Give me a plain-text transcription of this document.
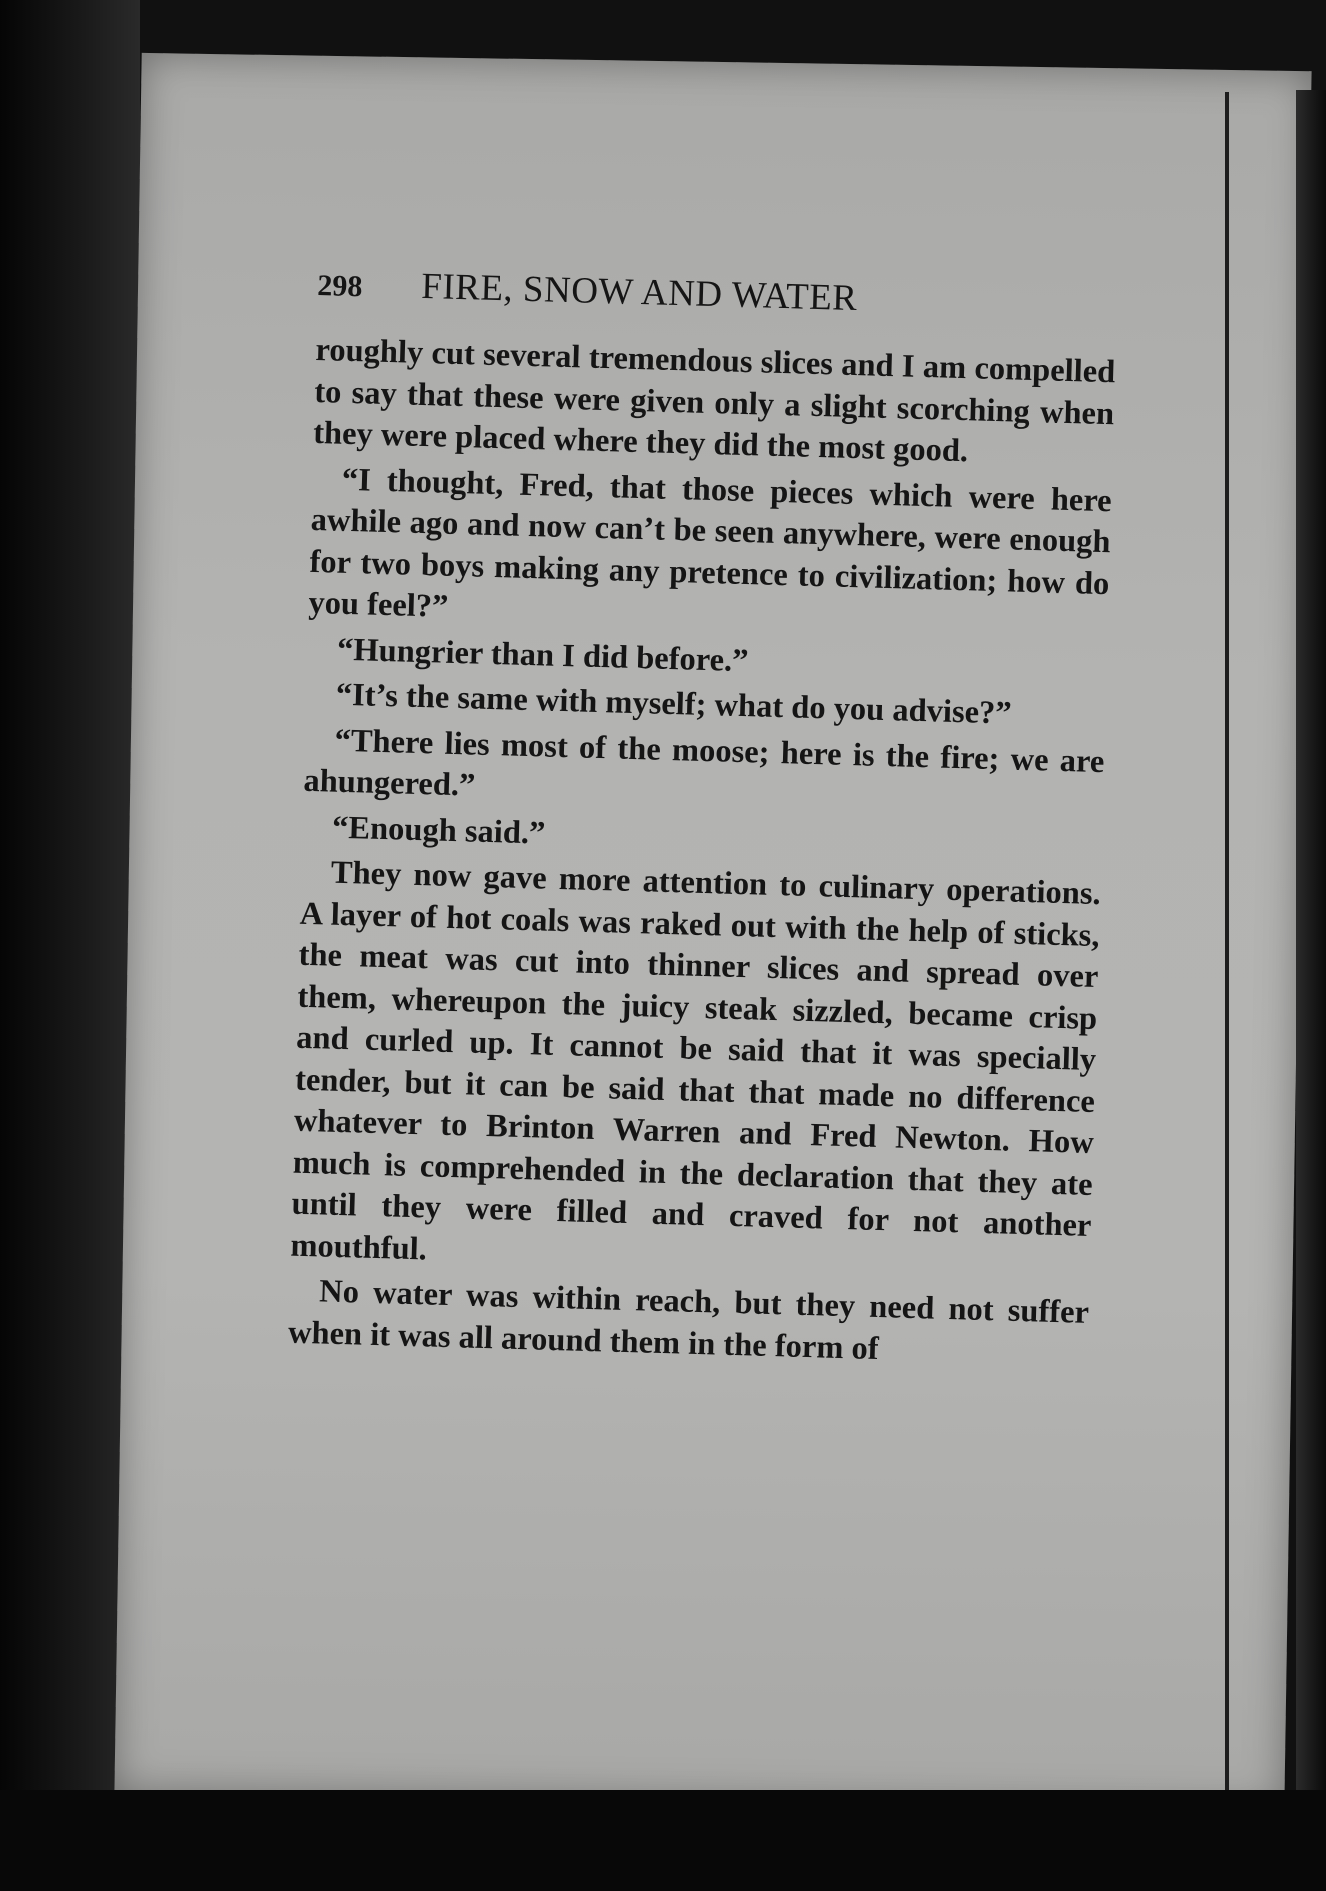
298	FIRE, SNOW AND WATER

roughly cut several tremendous slices and I am compelled to say that these were given only a slight scorching when they were placed where they did the most good.

“I thought, Fred, that those pieces which were here awhile ago and now can’t be seen anywhere, were enough for two boys making any pretence to civilization; how do you feel?”

“Hungrier than I did before.”

“It’s the same with myself; what do you advise?”

“There lies most of the moose; here is the fire; we are ahungered.”

“Enough said.”

They now gave more attention to culinary operations. A layer of hot coals was raked out with the help of sticks, the meat was cut into thinner slices and spread over them, whereupon the juicy steak sizzled, became crisp and curled up. It cannot be said that it was specially tender, but it can be said that that made no difference whatever to Brinton Warren and Fred Newton. How much is comprehended in the declaration that they ate until they were filled and craved for not another mouthful.

No water was within reach, but they need not suffer when it was all around them in the form of
